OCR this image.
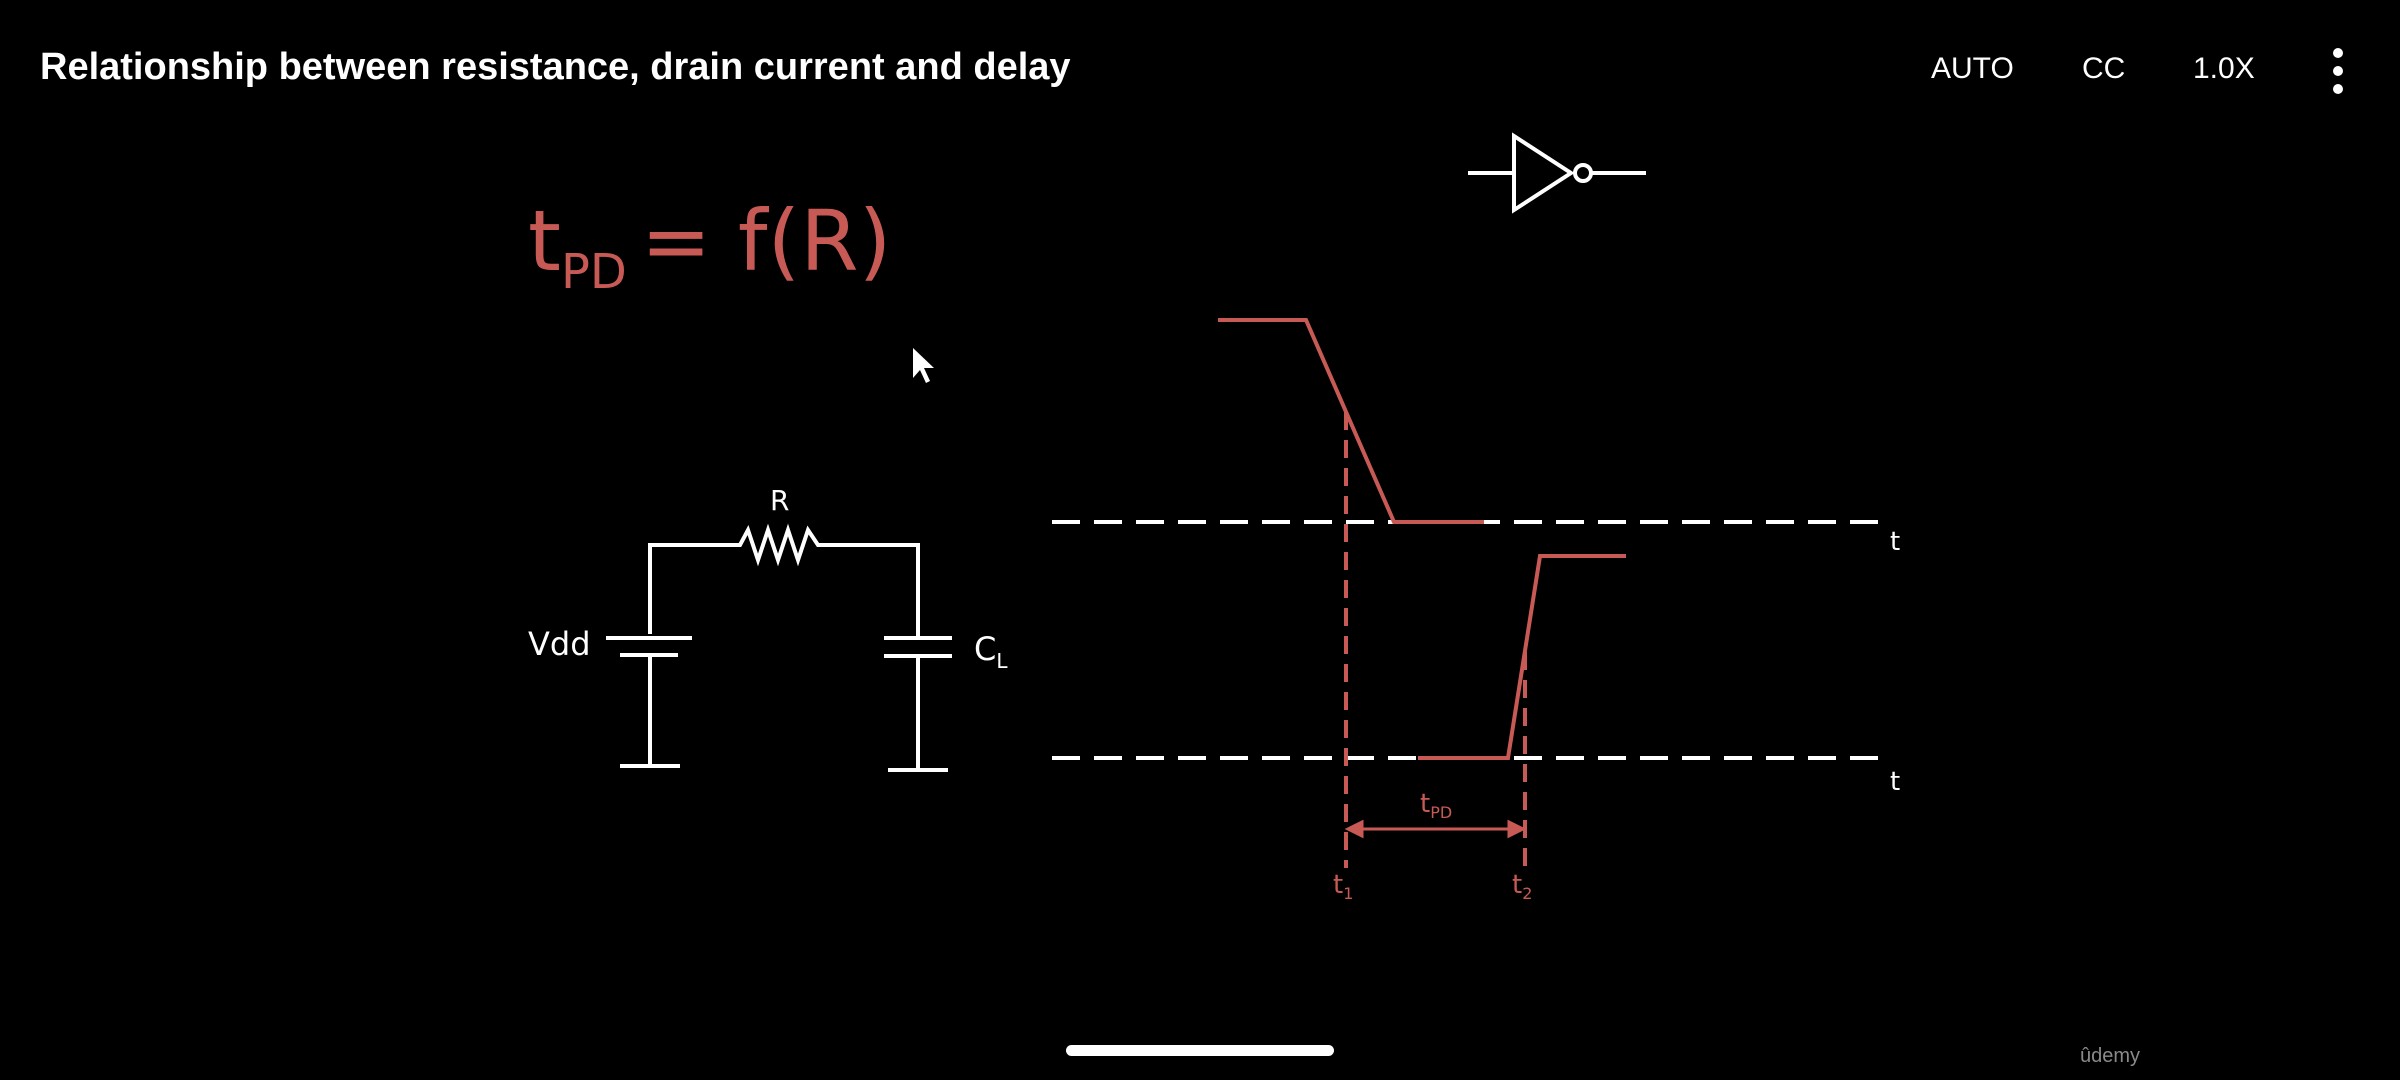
$t_{PD} = f(R)$
R
Vdd	$C_L$
t
t
$t_{PD}$
$t_1$	$t_2$
Relationship between resistance, drain current and delay	AUTO CC 1.0X
ûdemy
